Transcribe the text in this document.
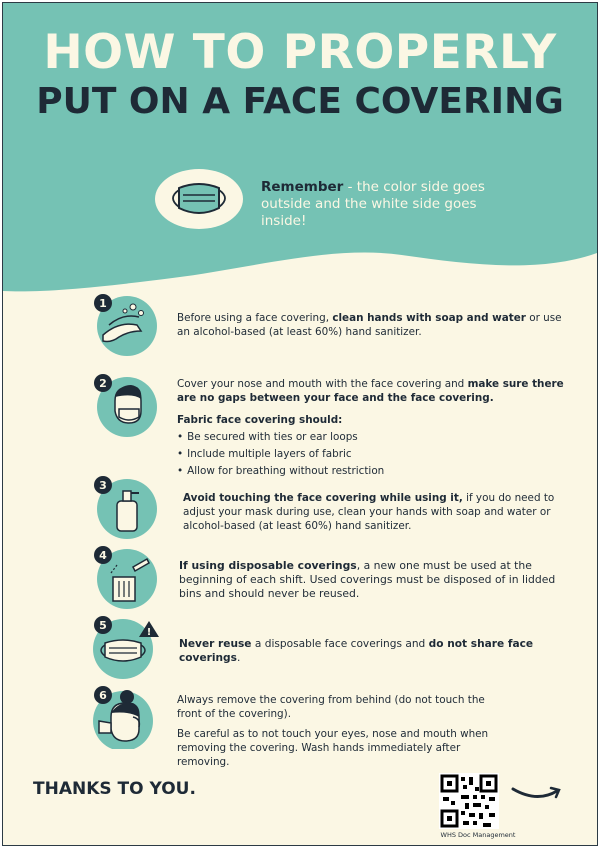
HOW TO PROPERLY
PUT ON A FACE COVERING
Remember - the color side goes outside and the white side goes inside!
1

Before using a face covering, clean hands with soap and water or use an alcohol-based (at least 60%) hand sanitizer.

2	Cover your nose and mouth with the face covering and make sure there are no gaps between your face and the face covering.

Fabric face covering should:

• Be secured with ties or ear loops
• Include multiple layers of fabric
• Allow for breathing without restriction
3

Avoid touching the face covering while using it, if you do need to adjust your mask during use, clean your hands with soap and water or alcohol-based (at least 60%) hand sanitizer.

4

If using disposable coverings, a new one must be used at the beginning of each shift. Used coverings must be disposed of in lidded bins and should never be reused.

!
5

Never reuse a disposable face coverings and do not share face coverings.

6	Always remove the covering from behind (do not touch the front of the covering).

Be careful as to not touch your eyes, nose and mouth when removing the covering. Wash hands immediately after removing.

THANKS TO YOU.
WHS Doc Management
